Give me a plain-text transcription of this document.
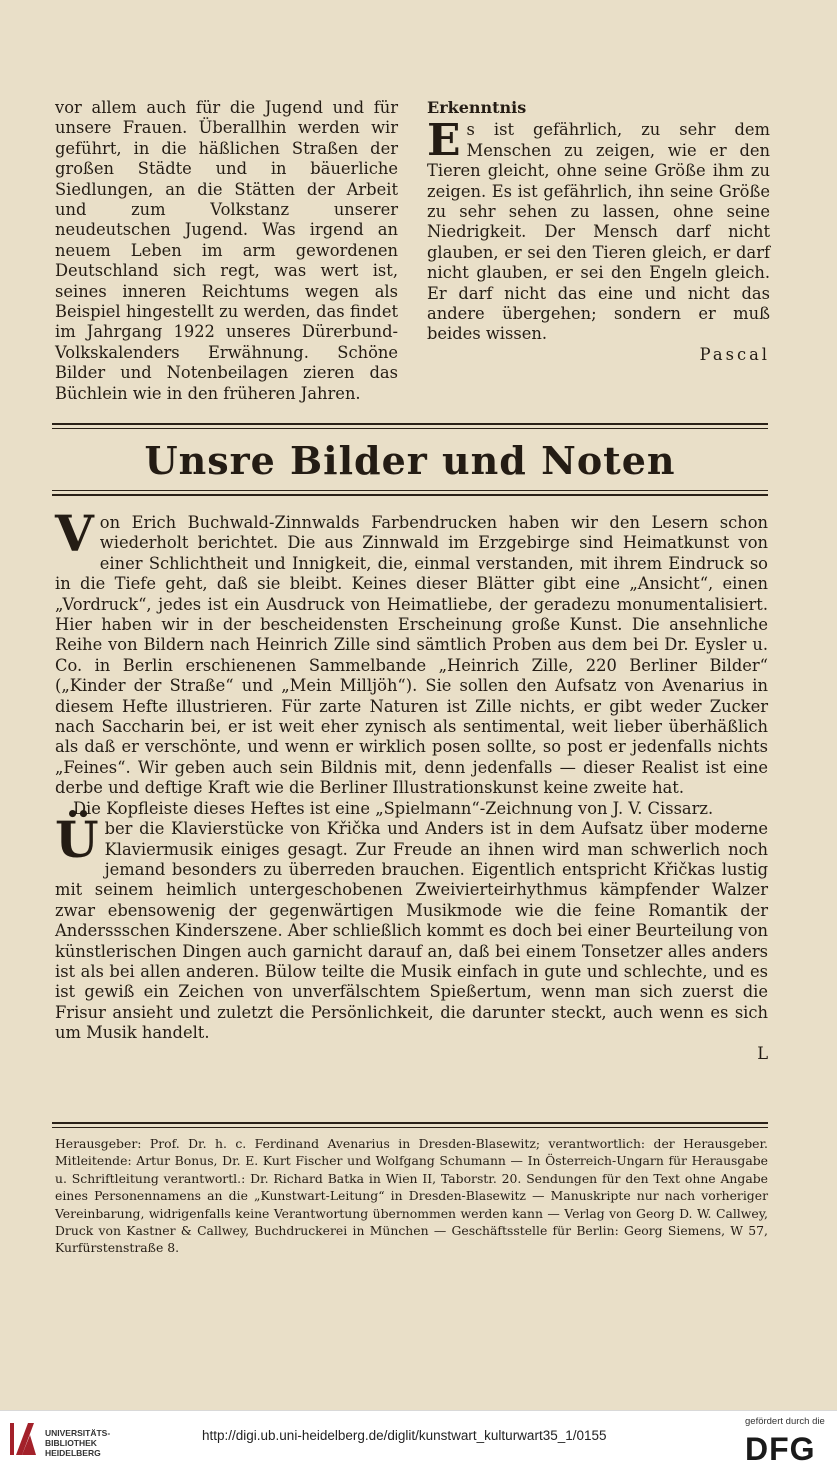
vor allem auch für die Jugend und für unsere Frauen. Überallhin werden wir geführt, in die häßlichen Straßen der großen Städte und in bäuerliche Siedlungen, an die Stätten der Arbeit und zum Volkstanz unserer neudeutschen Jugend. Was irgend an neuem Leben im arm gewordenen Deutschland sich regt, was wert ist, seines inneren Reichtums wegen als Beispiel hingestellt zu werden, das findet im Jahrgang 1922 unseres Dürerbund-Volkskalenders Erwähnung. Schöne Bilder und Notenbeilagen zieren das Büchlein wie in den früheren Jahren.

Erkenntnis

Es ist gefährlich, zu sehr dem Menschen zu zeigen, wie er den Tieren gleicht, ohne seine Größe ihm zu zeigen. Es ist gefährlich, ihn seine Größe zu sehr sehen zu lassen, ohne seine Niedrigkeit. Der Mensch darf nicht glauben, er sei den Tieren gleich, er darf nicht glauben, er sei den Engeln gleich. Er darf nicht das eine und nicht das andere übergehen; sondern er muß beides wissen.
Pascal

Unsre Bilder und Noten

Von Erich Buchwald-Zinnwalds Farbendrucken haben wir den Lesern schon wiederholt berichtet. Die aus Zinnwald im Erzgebirge sind Heimatkunst von einer Schlichtheit und Innigkeit, die, einmal verstanden, mit ihrem Eindruck so in die Tiefe geht, daß sie bleibt. Keines dieser Blätter gibt eine „Ansicht“, einen „Vordruck“, jedes ist ein Ausdruck von Heimatliebe, der geradezu monumentalisiert. Hier haben wir in der bescheidensten Erscheinung große Kunst. Die ansehnliche Reihe von Bildern nach Heinrich Zille sind sämtlich Proben aus dem bei Dr. Eysler u. Co. in Berlin erschienenen Sammelbande „Heinrich Zille, 220 Berliner Bilder“ („Kinder der Straße“ und „Mein Milljöh“). Sie sollen den Aufsatz von Avenarius in diesem Hefte illustrieren. Für zarte Naturen ist Zille nichts, er gibt weder Zucker nach Saccharin bei, er ist weit eher zynisch als sentimental, weit lieber überhäßlich als daß er verschönte, und wenn er wirklich posen sollte, so post er jedenfalls nichts „Feines“. Wir geben auch sein Bildnis mit, denn jedenfalls — dieser Realist ist eine derbe und deftige Kraft wie die Berliner Illustrationskunst keine zweite hat.

Die Kopfleiste dieses Heftes ist eine „Spielmann“-Zeichnung von J. V. Cissarz.

Über die Klavierstücke von Křička und Anders ist in dem Aufsatz über moderne Klaviermusik einiges gesagt. Zur Freude an ihnen wird man schwerlich noch jemand besonders zu überreden brauchen. Eigentlich entspricht Křičkas lustig mit seinem heimlich untergeschobenen Zweivierteirhythmus kämpfender Walzer zwar ebensowenig der gegenwärtigen Musikmode wie die feine Romantik der Anderssschen Kinderszene. Aber schließlich kommt es doch bei einer Beurteilung von künstlerischen Dingen auch garnicht darauf an, daß bei einem Tonsetzer alles anders ist als bei allen anderen. Bülow teilte die Musik einfach in gute und schlechte, und es ist gewiß ein Zeichen von unverfälschtem Spießertum, wenn man sich zuerst die Frisur ansieht und zuletzt die Persönlichkeit, die darunter steckt, auch wenn es sich um Musik handelt.

L

Herausgeber: Prof. Dr. h. c. Ferdinand Avenarius in Dresden-Blasewitz; verantwortlich: der Herausgeber. Mitleitende: Artur Bonus, Dr. E. Kurt Fischer und Wolfgang Schumann — In Österreich-Ungarn für Herausgabe u. Schriftleitung verantwortl.: Dr. Richard Batka in Wien II, Taborstr. 20. Sendungen für den Text ohne Angabe eines Personennamens an die „Kunstwart-Leitung“ in Dresden-Blasewitz — Manuskripte nur nach vorheriger Vereinbarung, widrigenfalls keine Verantwortung übernommen werden kann — Verlag von Georg D. W. Callwey, Druck von Kastner & Callwey, Buchdruckerei in München — Geschäftsstelle für Berlin: Georg Siemens, W 57, Kurfürstenstraße 8.

UNIVERSITÄTS-
BIBLIOTHEK
HEIDELBERG
http://digi.ub.uni-heidelberg.de/diglit/kunstwart_kulturwart35_1/0155
gefördert durch die
DFG
